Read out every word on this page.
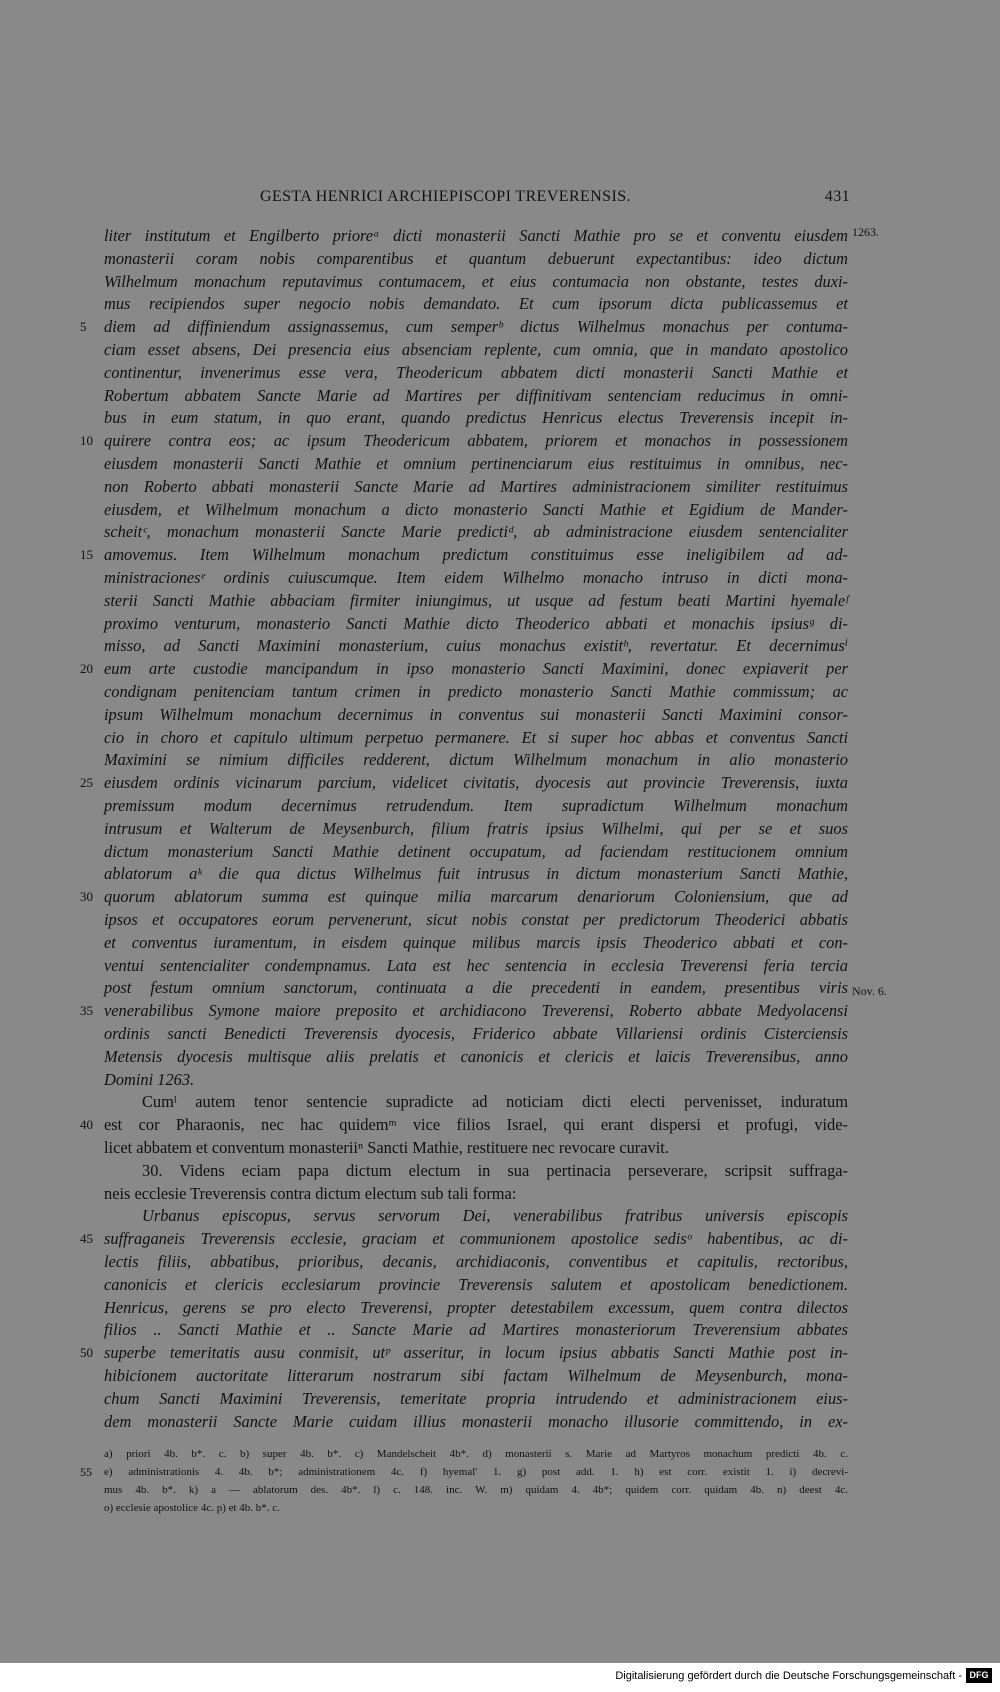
GESTA HENRICI ARCHIEPISCOPI TREVERENSIS.	431
liter institutum et Engilberto prioreᵃ dicti monasterii Sancti Mathie pro se et conventu eiusdem
monasterii coram nobis comparentibus et quantum debuerunt expectantibus: ideo dictum
Wilhelmum monachum reputavimus contumacem, et eius contumacia non obstante, testes duxi-
mus recipiendos super negocio nobis demandato. Et cum ipsorum dicta publicassemus et
diem ad diffiniendum assignassemus, cum semperᵇ dictus Wilhelmus monachus per contuma-
ciam esset absens, Dei presencia eius absenciam replente, cum omnia, que in mandato apostolico
continentur, invenerimus esse vera, Theodericum abbatem dicti monasterii Sancti Mathie et
Robertum abbatem Sancte Marie ad Martires per diffinitivam sentenciam reducimus in omni-
bus in eum statum, in quo erant, quando predictus Henricus electus Treverensis incepit in-
quirere contra eos; ac ipsum Theodericum abbatem, priorem et monachos in possessionem
eiusdem monasterii Sancti Mathie et omnium pertinenciarum eius restituimus in omnibus, nec-
non Roberto abbati monasterii Sancte Marie ad Martires administracionem similiter restituimus
eiusdem, et Wilhelmum monachum a dicto monasterio Sancti Mathie et Egidium de Mander-
scheitᶜ, monachum monasterii Sancte Marie predictiᵈ, ab administracione eiusdem sentencialiter
amovemus. Item Wilhelmum monachum predictum constituimus esse ineligibilem ad ad-
ministracionesᵉ ordinis cuiuscumque. Item eidem Wilhelmo monacho intruso in dicti mona-
sterii Sancti Mathie abbaciam firmiter iniungimus, ut usque ad festum beati Martini hyemaleᶠ
proximo venturum, monasterio Sancti Mathie dicto Theoderico abbati et monachis ipsiusᵍ di-
misso, ad Sancti Maximini monasterium, cuius monachus existitʰ, revertatur. Et decernimusⁱ
eum arte custodie mancipandum in ipso monasterio Sancti Maximini, donec expiaverit per
condignam penitenciam tantum crimen in predicto monasterio Sancti Mathie commissum; ac
ipsum Wilhelmum monachum decernimus in conventus sui monasterii Sancti Maximini consor-
cio in choro et capitulo ultimum perpetuo permanere. Et si super hoc abbas et conventus Sancti
Maximini se nimium difficiles redderent, dictum Wilhelmum monachum in alio monasterio
eiusdem ordinis vicinarum parcium, videlicet civitatis, dyocesis aut provincie Treverensis, iuxta
premissum modum decernimus retrudendum. Item supradictum Wilhelmum monachum
intrusum et Walterum de Meysenburch, filium fratris ipsius Wilhelmi, qui per se et suos
dictum monasterium Sancti Mathie detinent occupatum, ad faciendam restitucionem omnium
ablatorum aᵏ die qua dictus Wilhelmus fuit intrusus in dictum monasterium Sancti Mathie,
quorum ablatorum summa est quinque milia marcarum denariorum Coloniensium, que ad
ipsos et occupatores eorum pervenerunt, sicut nobis constat per predictorum Theoderici abbatis
et conventus iuramentum, in eisdem quinque milibus marcis ipsis Theoderico abbati et con-
ventui sentencialiter condempnamus. Lata est hec sentencia in ecclesia Treverensi feria tercia
post festum omnium sanctorum, continuata a die precedenti in eandem, presentibus viris
venerabilibus Symone maiore preposito et archidiacono Treverensi, Roberto abbate Medyolacensi
ordinis sancti Benedicti Treverensis dyocesis, Friderico abbate Villariensi ordinis Cisterciensis
Metensis dyocesis multisque aliis prelatis et canonicis et clericis et laicis Treverensibus, anno
Domini 1263.
Cumˡ autem tenor sentencie supradicte ad noticiam dicti electi pervenisset, induratum
est cor Pharaonis, nec hac quidemᵐ vice filios Israel, qui erant dispersi et profugi, vide-
licet abbatem et conventum monasteriiⁿ Sancti Mathie, restituere nec revocare curavit.
30. Videns eciam papa dictum electum in sua pertinacia perseverare, scripsit suffraga-
neis ecclesie Treverensis contra dictum electum sub tali forma:
Urbanus episcopus, servus servorum Dei, venerabilibus fratribus universis episcopis
suffraganeis Treverensis ecclesie, graciam et communionem apostolice sedisᵒ habentibus, ac di-
lectis filiis, abbatibus, prioribus, decanis, archidiaconis, conventibus et capitulis, rectoribus,
canonicis et clericis ecclesiarum provincie Treverensis salutem et apostolicam benedictionem.
Henricus, gerens se pro electo Treverensi, propter detestabilem excessum, quem contra dilectos
filios .. Sancti Mathie et .. Sancte Marie ad Martires monasteriorum Treverensium abbates
superbe temeritatis ausu conmisit, utᵖ asseritur, in locum ipsius abbatis Sancti Mathie post in-
hibicionem auctoritate litterarum nostrarum sibi factam Wilhelmum de Meysenburch, mona-
chum Sancti Maximini Treverensis, temeritate propria intrudendo et administracionem eius-
dem monasterii Sancte Marie cuidam illius monasterii monacho illusorie committendo, in ex-
5
10
15
20
25
30
35
40
45
50
1263.
Nov. 6.
a) priori 4b. b*. c. b) super 4b. b*. c) Mandelscheit 4b*. d) monasterii s. Marie ad Martyros monachum predicti 4b. c.
e) administrationis 4. 4b. b*; administrationem 4c. f) hyemal' 1. g) post add. 1. h) est corr. existit 1. i) decrevi-
mus 4b. b*. k) a — ablatorum des. 4b*. l) c. 148. inc. W. m) quidam 4. 4b*; quidem corr. quidam 4b. n) deest 4c.
o) ecclesie apostolice 4c. p) et 4b. b*. c.
55
Digitalisierung gefördert durch die Deutsche Forschungsgemeinschaft - DFG
